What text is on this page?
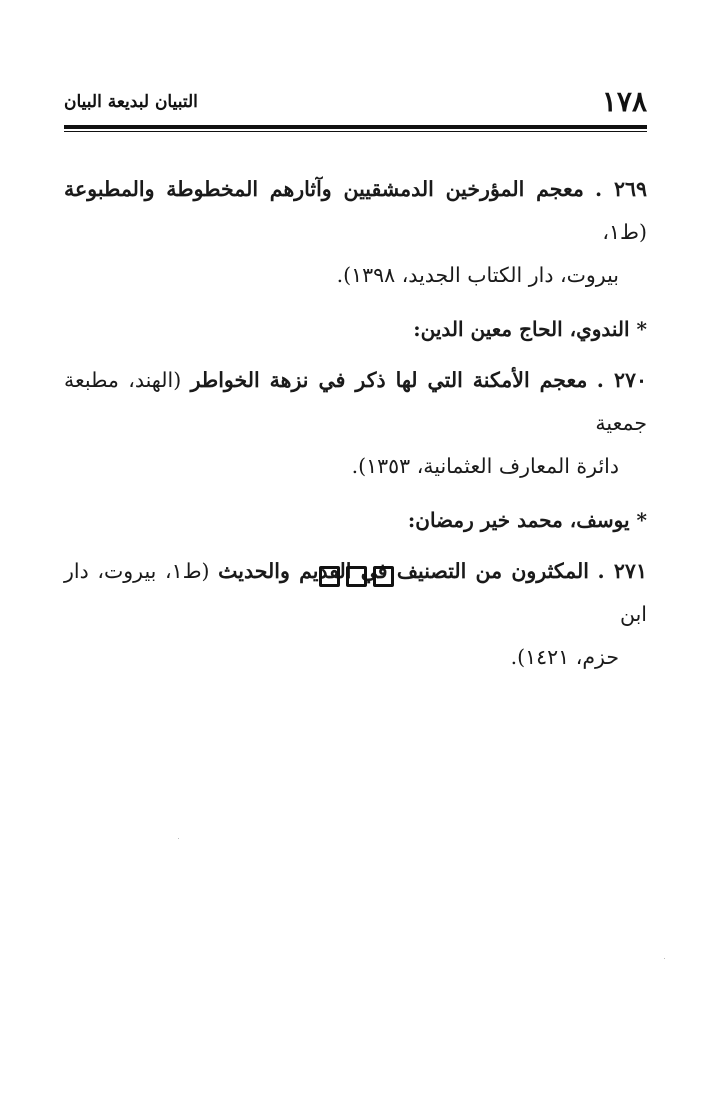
١٧٨
التبيان لبديعة البيان
٢٦٩ . معجم المؤرخين الدمشقيين وآثارهم المخطوطة والمطبوعة (ط١،
بيروت، دار الكتاب الجديد، ١٣٩٨).
* الندوي، الحاج معين الدين:
٢٧٠ . معجم الأمكنة التي لها ذكر في نزهة الخواطر (الهند، مطبعة جمعية
دائرة المعارف العثمانية، ١٣٥٣).
* يوسف، محمد خير رمضان:
٢٧١ . المكثرون من التصنيف في القديم والحديث (ط١، بيروت، دار ابن
حزم، ١٤٢١).
